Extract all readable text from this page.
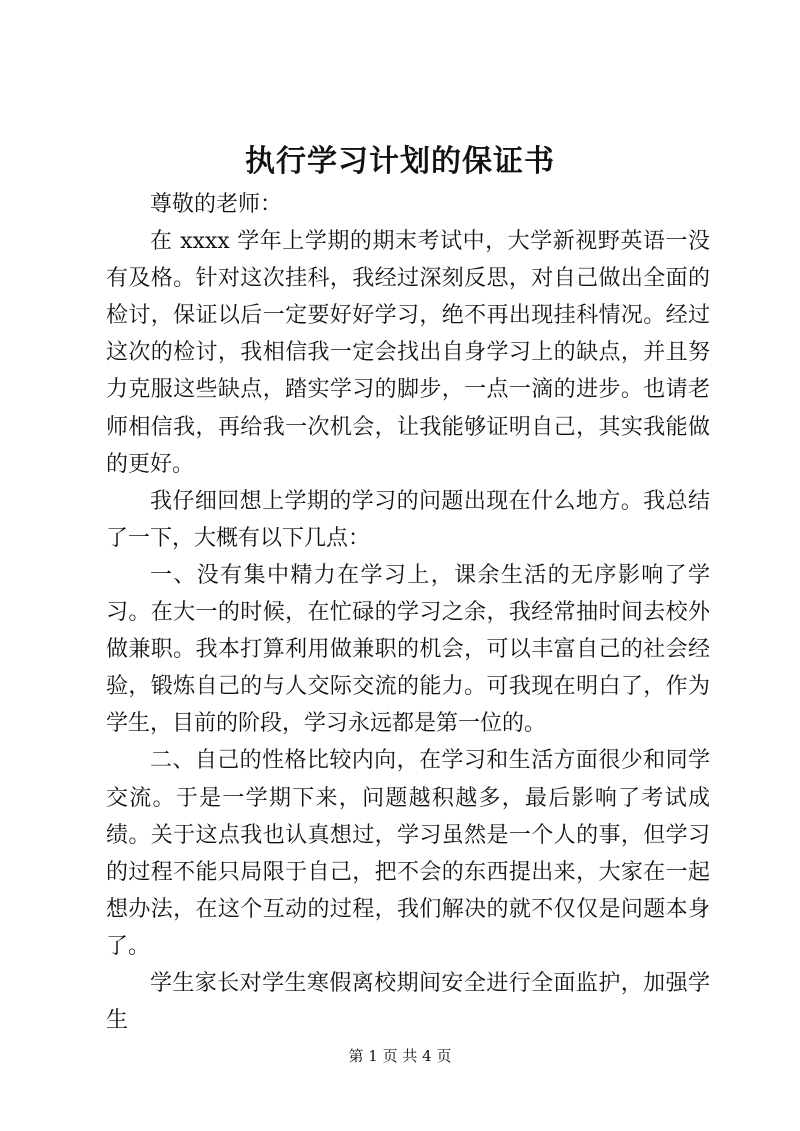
执行学习计划的保证书

尊敬的老师：

在 xxxx 学年上学期的期末考试中，大学新视野英语一没有及格。针对这次挂科，我经过深刻反思，对自己做出全面的检讨，保证以后一定要好好学习，绝不再出现挂科情况。经过这次的检讨，我相信我一定会找出自身学习上的缺点，并且努力克服这些缺点，踏实学习的脚步，一点一滴的进步。也请老师相信我，再给我一次机会，让我能够证明自己，其实我能做的更好。

我仔细回想上学期的学习的问题出现在什么地方。我总结了一下，大概有以下几点：

一、没有集中精力在学习上，课余生活的无序影响了学习。在大一的时候，在忙碌的学习之余，我经常抽时间去校外做兼职。我本打算利用做兼职的机会，可以丰富自己的社会经验，锻炼自己的与人交际交流的能力。可我现在明白了，作为学生，目前的阶段，学习永远都是第一位的。

二、自己的性格比较内向，在学习和生活方面很少和同学交流。于是一学期下来，问题越积越多，最后影响了考试成绩。关于这点我也认真想过，学习虽然是一个人的事，但学习的过程不能只局限于自己，把不会的东西提出来，大家在一起想办法，在这个互动的过程，我们解决的就不仅仅是问题本身了。

学生家长对学生寒假离校期间安全进行全面监护，加强学生

第 1 页 共 4 页
